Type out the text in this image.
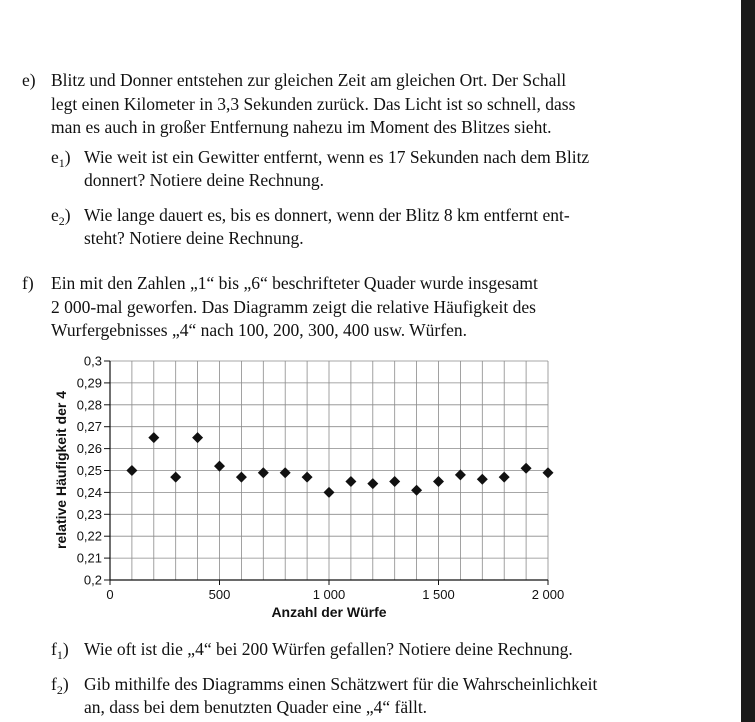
e) Blitz und Donner entstehen zur gleichen Zeit am gleichen Ort. Der Schall
legt einen Kilometer in 3,3 Sekunden zurück. Das Licht ist so schnell, dass
man es auch in großer Entfernung nahezu im Moment des Blitzes sieht.
$e_1$) Wie weit ist ein Gewitter entfernt, wenn es 17 Sekunden nach dem Blitz
donnert? Notiere deine Rechnung.
$e_2$) Wie lange dauert es, bis es donnert, wenn der Blitz 8 km entfernt ent-
steht? Notiere deine Rechnung.
f) Ein mit den Zahlen „1“ bis „6“ beschrifteter Quader wurde insgesamt
2 000-mal geworfen. Das Diagramm zeigt die relative Häufigkeit des
Wurfergebnisses „4“ nach 100, 200, 300, 400 usw. Würfen.
0,2
0,21
0,22
0,23
0,24
0,25
0,26
0,27
0,28
0,29
0,3
0	500	1 000	1 500	2 000
Anzahl der Würfe
relative Häufigkeit der 4
$f_1$) Wie oft ist die „4“ bei 200 Würfen gefallen? Notiere deine Rechnung.
$f_2$) Gib mithilfe des Diagramms einen Schätzwert für die Wahrscheinlichkeit
an, dass bei dem benutzten Quader eine „4“ fällt.
